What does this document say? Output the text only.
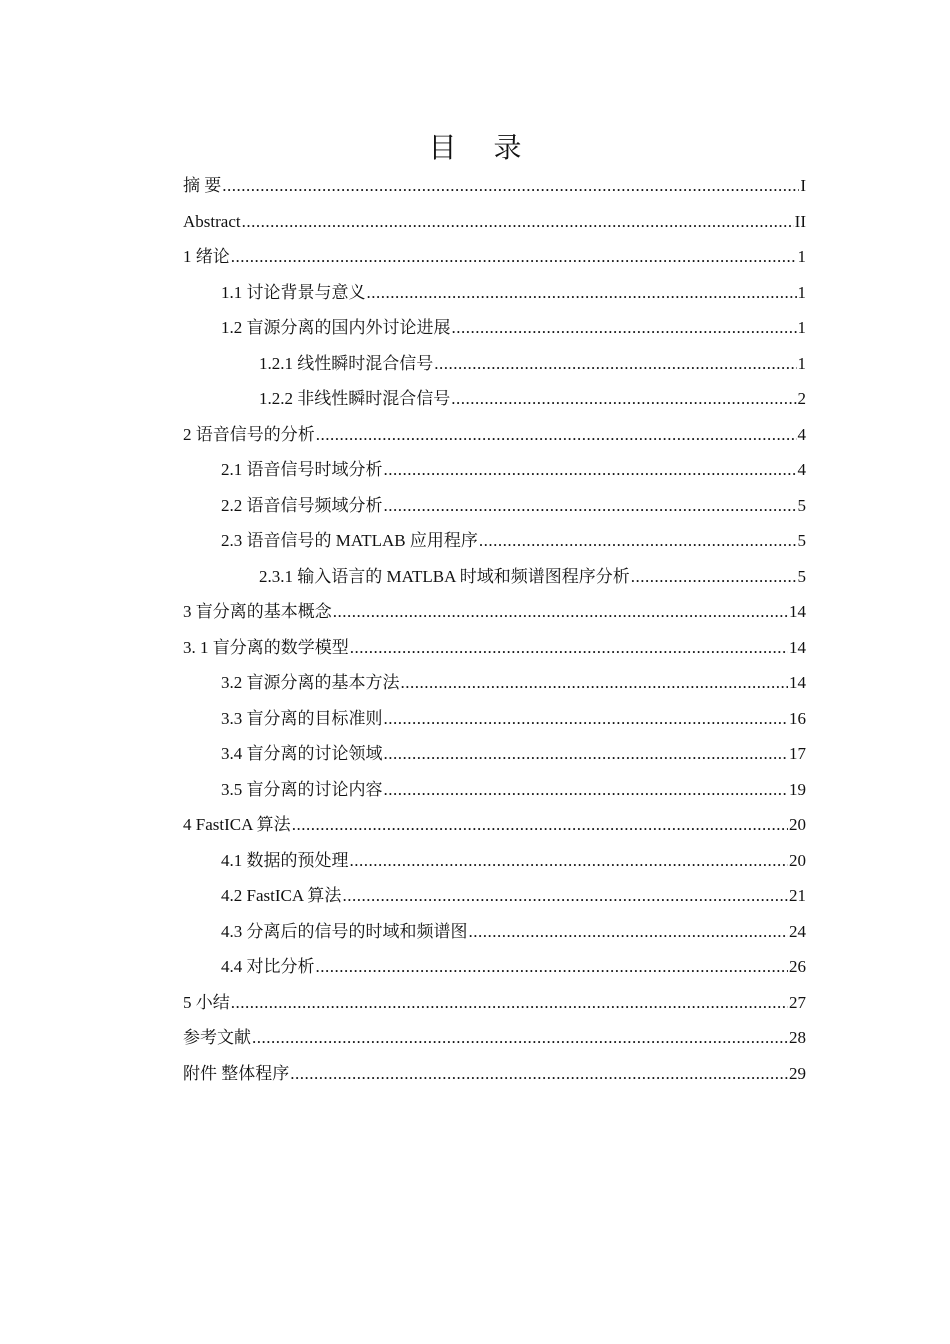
目 录
摘 要 .....	I
Abstract .....	II
1 绪论 .....	1
1.1 讨论背景与意义 .....	1
1.2 盲源分离的国内外讨论进展 .....	1
1.2.1 线性瞬时混合信号 .....	1
1.2.2 非线性瞬时混合信号 .....	2
2 语音信号的分析 .....	4
2.1 语音信号时域分析 .....	4
2.2 语音信号频域分析 .....	5
2.3 语音信号的 MATLAB 应用程序 .....	5
2.3.1 输入语言的 MATLBA 时域和频谱图程序分析 .....	5
3 盲分离的基本概念 .....	14
3. 1 盲分离的数学模型 .....	14
3.2 盲源分离的基本方法 .....	14
3.3 盲分离的目标准则 .....	16
3.4 盲分离的讨论领域 .....	17
3.5 盲分离的讨论内容 .....	19
4 FastICA 算法 .....	20
4.1 数据的预处理 .....	20
4.2 FastICA 算法 .....	21
4.3 分离后的信号的时域和频谱图 .....	24
4.4 对比分析 .....	26
5 小结 .....	27
参考文献 .....	28
附件 整体程序 .....	29
